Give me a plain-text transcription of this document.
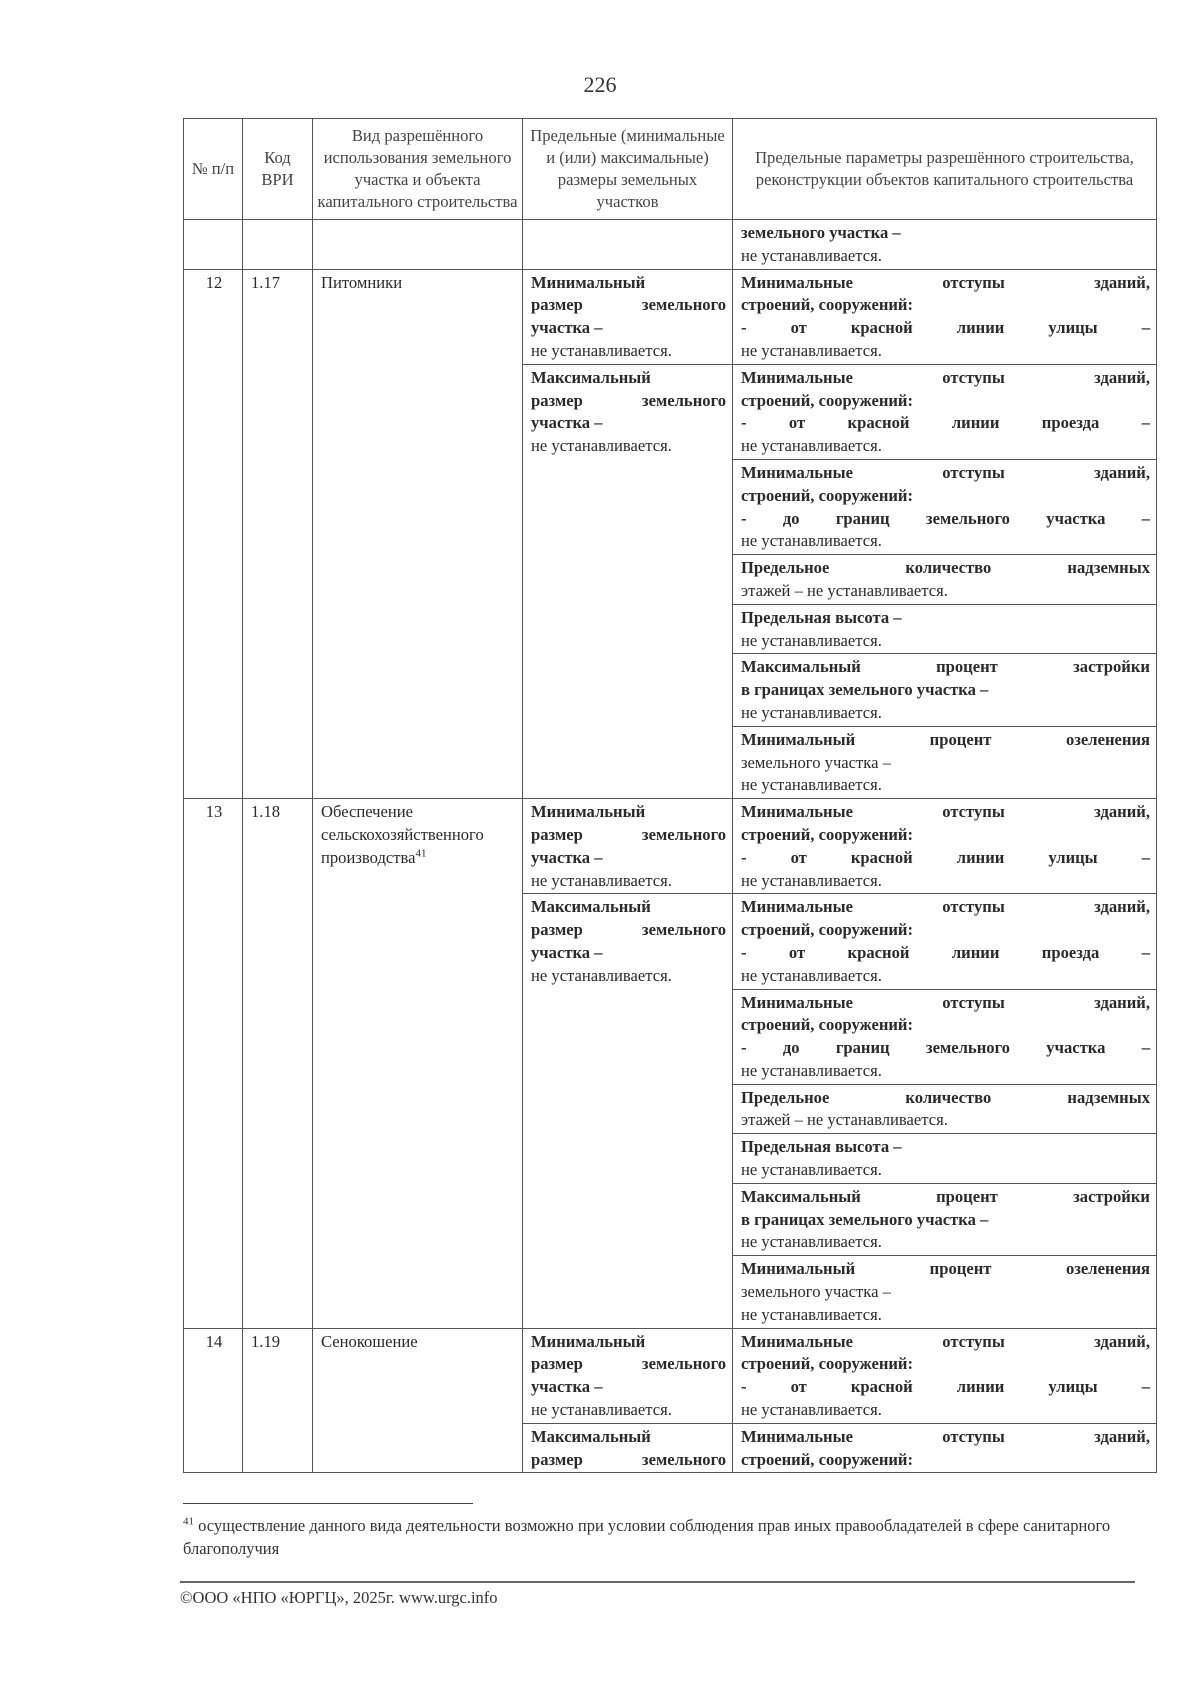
226
№ п/п	Код ВРИ	Вид разрешённого использования земельного участка и объекта капитального строительства	Предельные (минимальные и (или) максимальные) размеры земельных участков	Предельные параметры разрешённого строительства, реконструкции объектов капитального строительства

				земельного участка –
не устанавливается.

12	1.17	Питомники	Минимальный
размер земельного
участка –
не устанавливается.	Минимальные отступы зданий,
строений, сооружений:
- от красной линии улицы –
не устанавливается.

			Максимальный
размер земельного
участка –
не устанавливается.	Минимальные отступы зданий,
строений, сооружений:
- от красной линии проезда –
не устанавливается.

				Минимальные отступы зданий,
строений, сооружений:
- до границ земельного участка –
не устанавливается.

				Предельное количество надземных
этажей – не устанавливается.

				Предельная высота –
не устанавливается.

				Максимальный процент застройки
в границах земельного участка –
не устанавливается.

				Минимальный процент озеленения
земельного участка –
не устанавливается.

13	1.18	Обеспечение сельскохозяйственного производства$^{41}$	Минимальный
размер земельного
участка –
не устанавливается.	Минимальные отступы зданий,
строений, сооружений:
- от красной линии улицы –
не устанавливается.

			Максимальный
размер земельного
участка –
не устанавливается.	Минимальные отступы зданий,
строений, сооружений:
- от красной линии проезда –
не устанавливается.

				Минимальные отступы зданий,
строений, сооружений:
- до границ земельного участка –
не устанавливается.

				Предельное количество надземных
этажей – не устанавливается.

				Предельная высота –
не устанавливается.

				Максимальный процент застройки
в границах земельного участка –
не устанавливается.

				Минимальный процент озеленения
земельного участка –
не устанавливается.

14	1.19	Сенокошение	Минимальный
размер земельного
участка –
не устанавливается.	Минимальные отступы зданий,
строений, сооружений:
- от красной линии улицы –
не устанавливается.

			Максимальный
размер земельного	Минимальные отступы зданий,
строений, сооружений:
$^{41}$ осуществление данного вида деятельности возможно при условии соблюдения прав иных правообладателей в сфере санитарного благополучия
©ООО «НПО «ЮРГЦ», 2025г. www.urgc.info
